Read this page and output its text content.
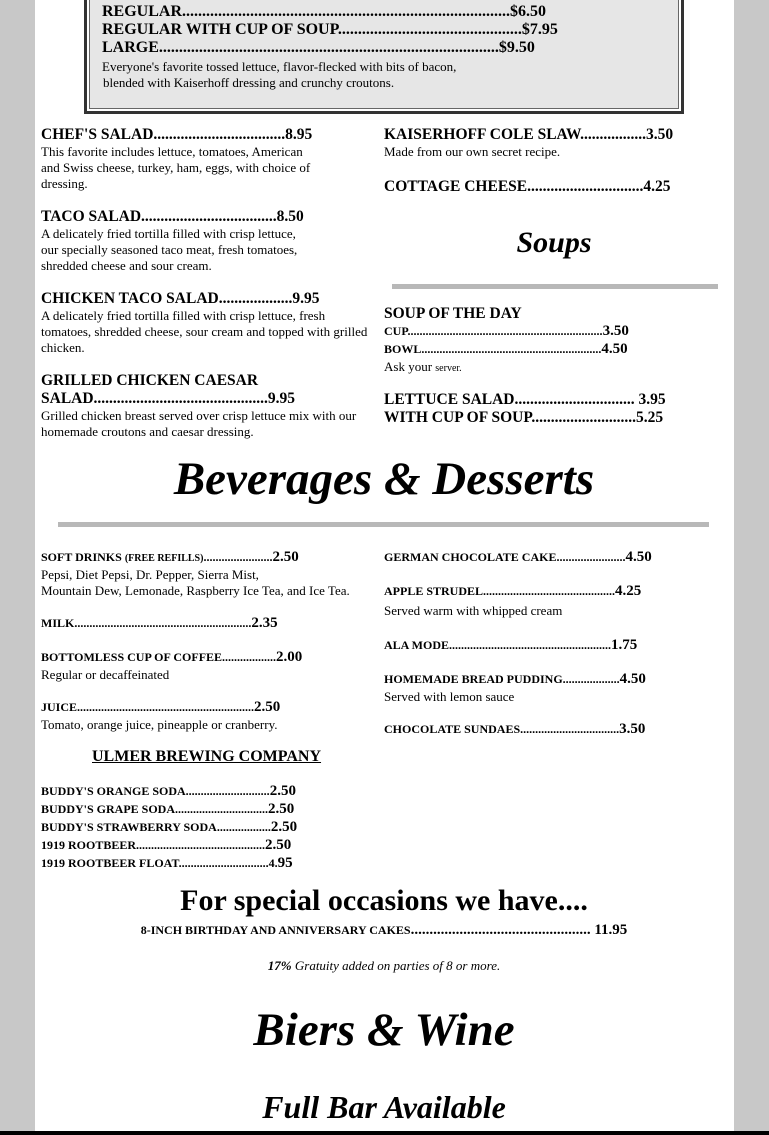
REGULAR..................................................................................$6.50
REGULAR WITH CUP OF SOUP..............................................$7.95
LARGE.....................................................................................$9.50
Everyone's favorite tossed lettuce, flavor-flecked with bits of bacon,
blended with Kaiserhoff dressing and crunchy croutons.
CHEF'S SALAD..................................8.95
This favorite includes lettuce, tomatoes, American
and Swiss cheese, turkey, ham, eggs, with choice of
dressing.
TACO SALAD...................................8.50
A delicately fried tortilla filled with crisp lettuce,
our specially seasoned taco meat, fresh tomatoes,
shredded cheese and sour cream.
CHICKEN TACO SALAD...................9.95
A delicately fried tortilla filled with crisp lettuce, fresh
tomatoes, shredded cheese, sour cream and topped with grilled
chicken.
GRILLED CHICKEN CAESAR
SALAD.............................................9.95
Grilled chicken breast served over crisp lettuce mix with our
homemade croutons and caesar dressing.
KAISERHOFF COLE SLAW.................3.50
Made from our own secret recipe.
COTTAGE CHEESE..............................4.25
Soups
SOUP OF THE DAY
CUP.................................................................3.50
BOWL............................................................4.50
Ask your server.
LETTUCE SALAD............................... 3.95
WITH CUP OF SOUP...........................5.25
Beverages & Desserts
SOFT DRINKS (FREE REFILLS).......................2.50
Pepsi, Diet Pepsi, Dr. Pepper, Sierra Mist,
Mountain Dew, Lemonade, Raspberry Ice Tea, and Ice Tea.
MILK...........................................................2.35
BOTTOMLESS CUP OF COFFEE..................2.00
Regular or decaffeinated
JUICE...........................................................2.50
Tomato, orange juice, pineapple or cranberry.
ULMER BREWING COMPANY
BUDDY'S ORANGE SODA............................2.50
BUDDY'S GRAPE SODA...............................2.50
BUDDY'S STRAWBERRY SODA..................2.50
1919 ROOTBEER...........................................2.50
1919 ROOTBEER FLOAT..............................4.95
GERMAN CHOCOLATE CAKE.......................4.50
APPLE STRUDEL............................................4.25
Served warm with whipped cream
ALA MODE......................................................1.75
HOMEMADE BREAD PUDDING...................4.50
Served with lemon sauce
CHOCOLATE SUNDAES.................................3.50
For special occasions we have....
8-INCH BIRTHDAY AND ANNIVERSARY CAKES................................................ 11.95
17% Gratuity added on parties of 8 or more.
Biers & Wine
Full Bar Available
